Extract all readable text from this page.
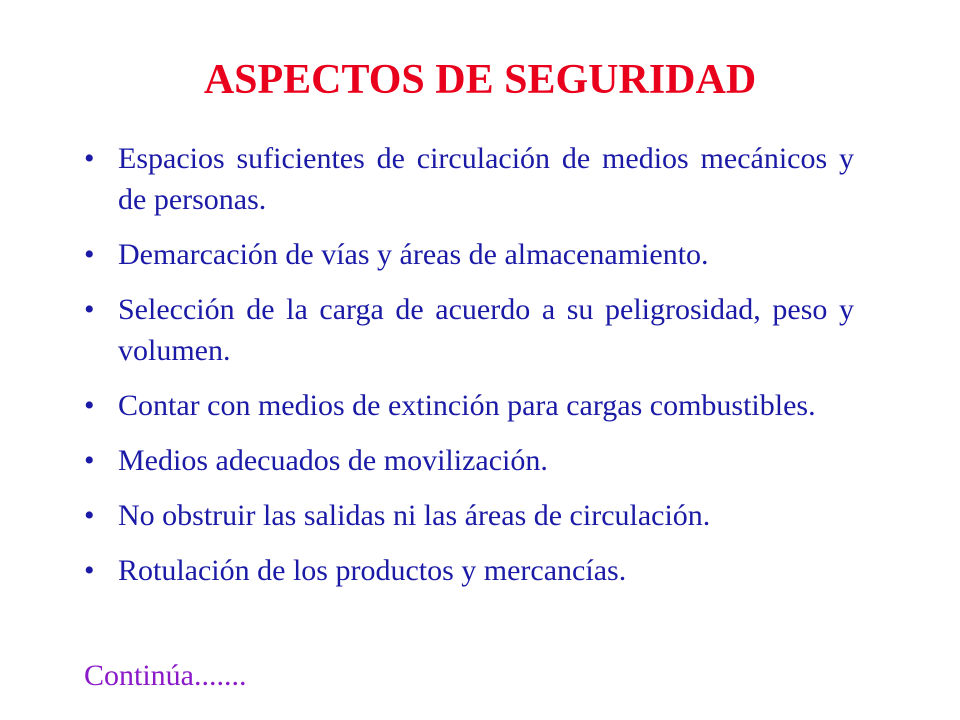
ASPECTOS DE SEGURIDAD
• Espacios suficientes de circulación de medios mecánicos y de personas.
• Demarcación de vías y áreas de almacenamiento.
• Selección de la carga de acuerdo a su peligrosidad, peso y volumen.
• Contar con medios de extinción para cargas combustibles.
• Medios adecuados de movilización.
• No obstruir las salidas ni las áreas de circulación.
• Rotulación de los productos y mercancías.

Continúa.......
